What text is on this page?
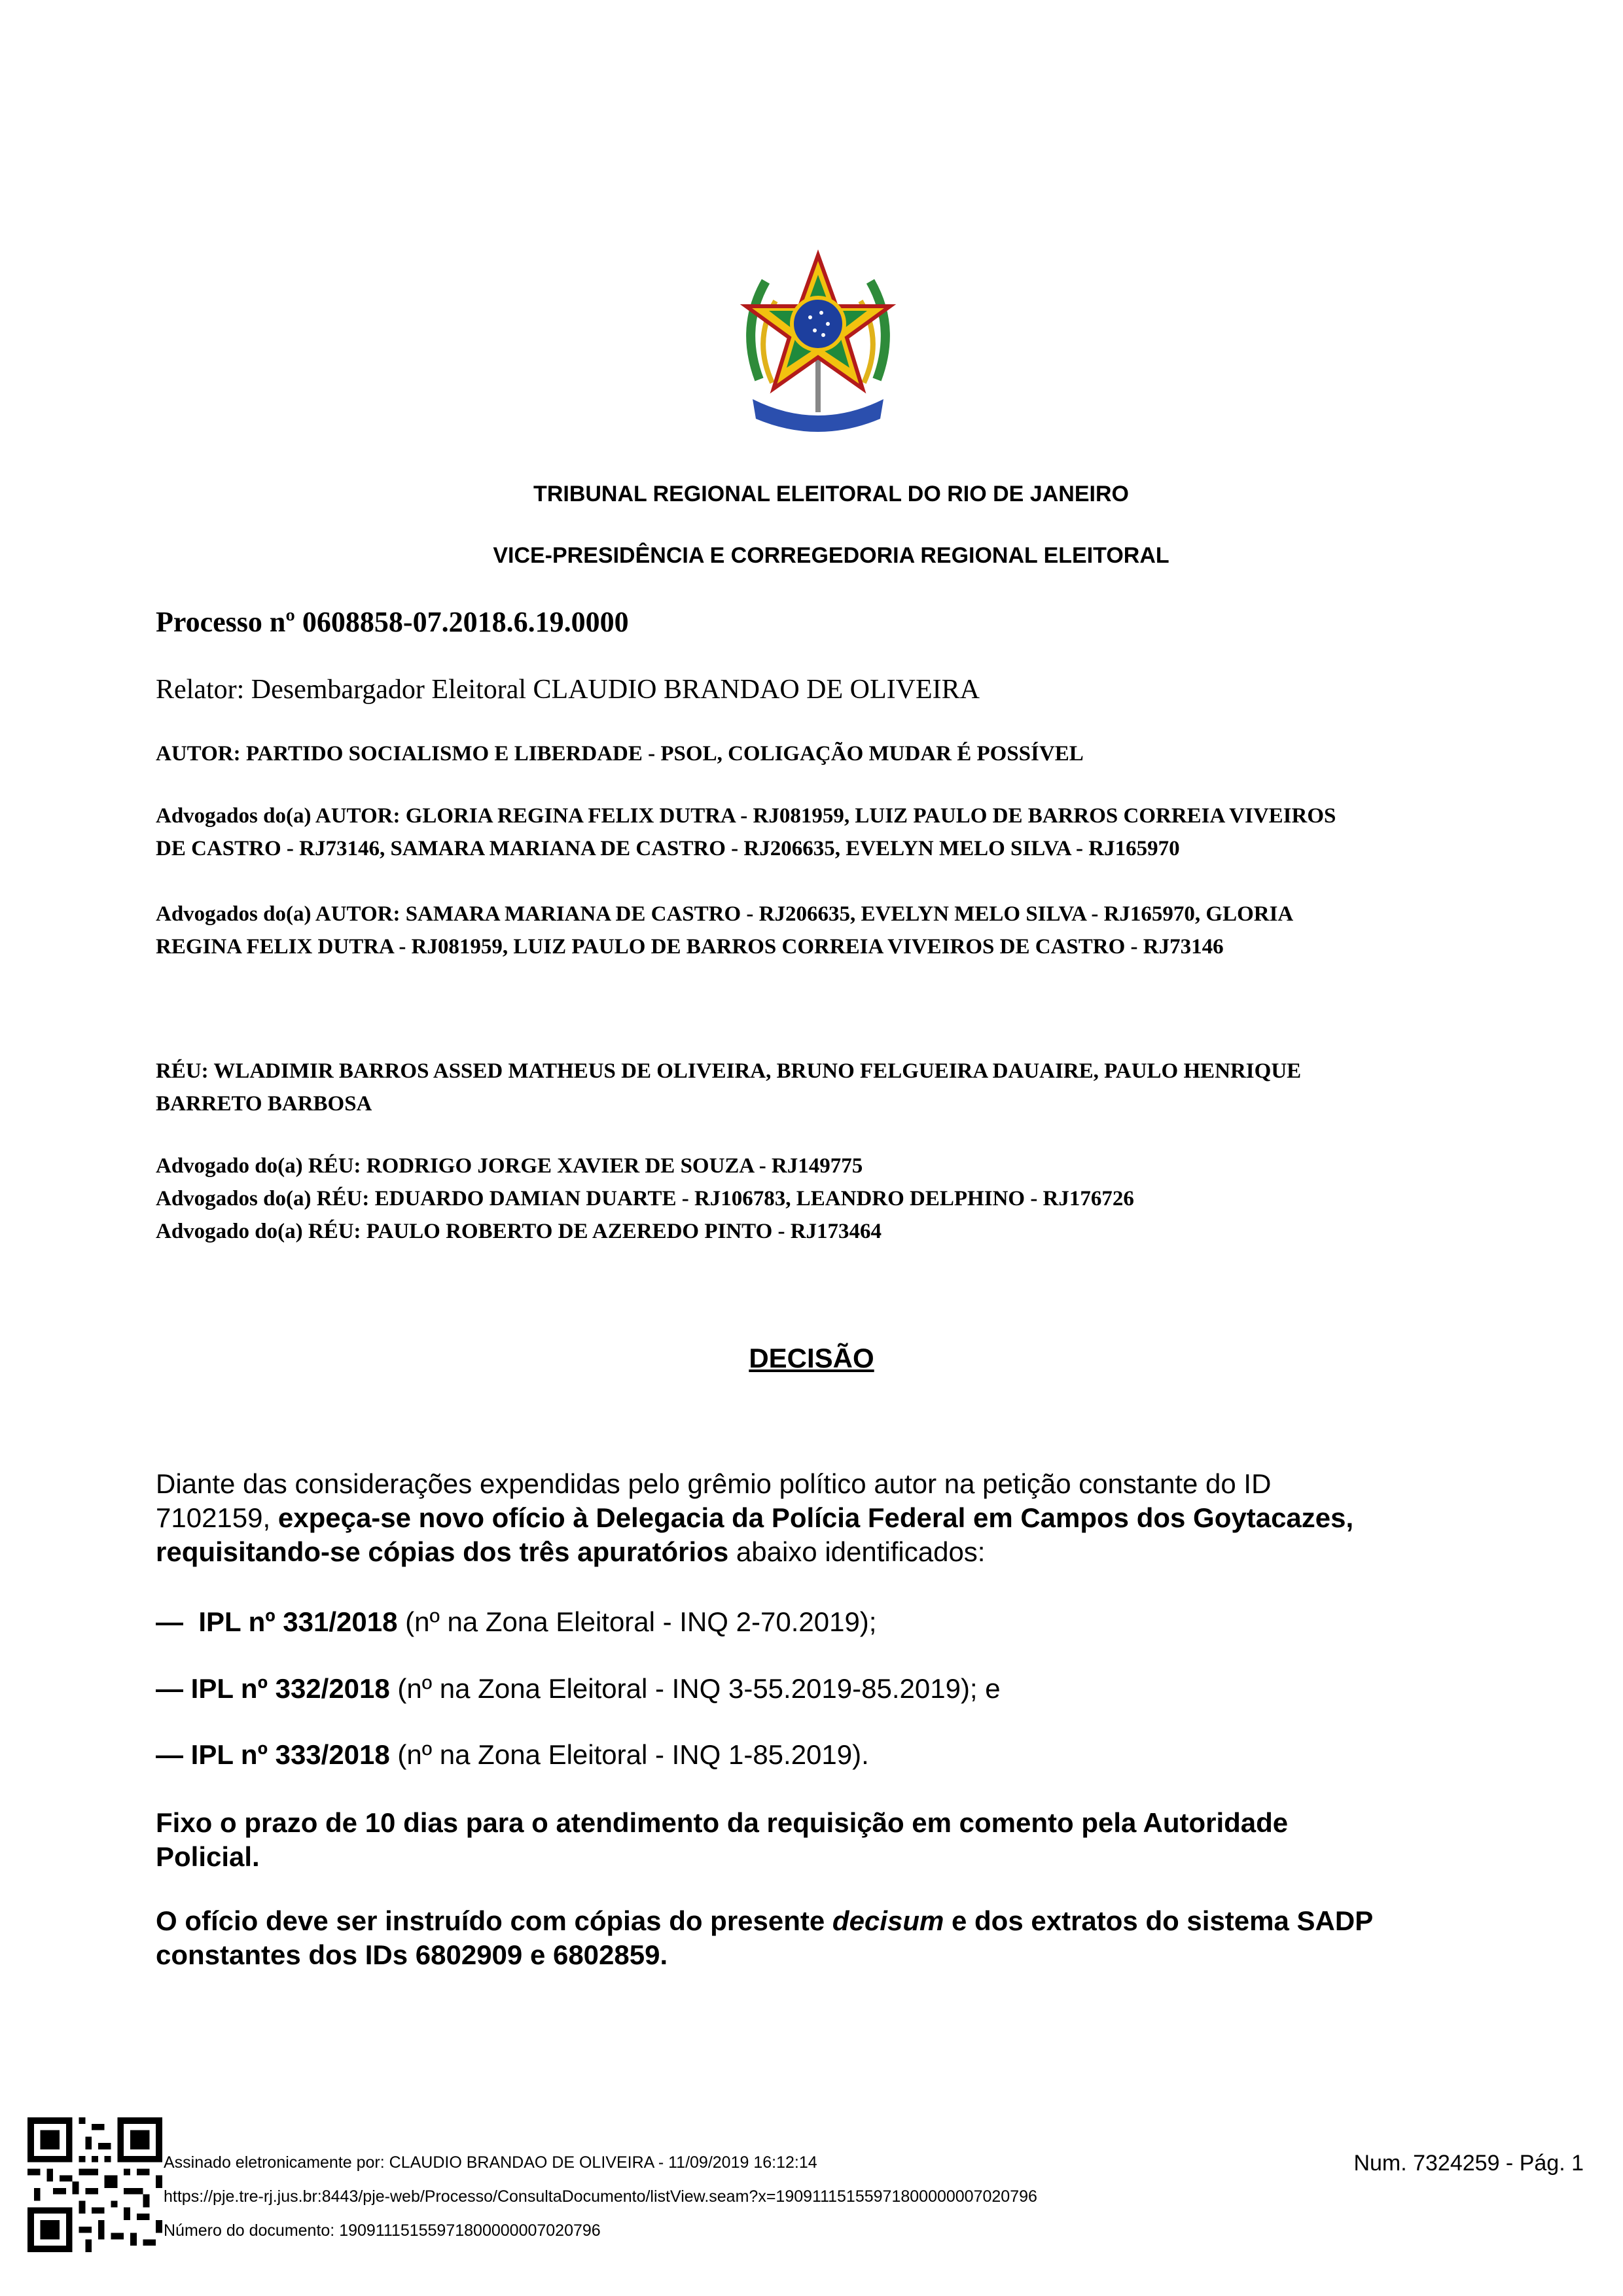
TRIBUNAL REGIONAL ELEITORAL DO RIO DE JANEIRO
VICE-PRESIDÊNCIA E CORREGEDORIA REGIONAL ELEITORAL
Processo nº 0608858-07.2018.6.19.0000
Relator: Desembargador Eleitoral CLAUDIO BRANDAO DE OLIVEIRA
AUTOR: PARTIDO SOCIALISMO E LIBERDADE - PSOL, COLIGAÇÃO MUDAR É POSSÍVEL
Advogados do(a) AUTOR: GLORIA REGINA FELIX DUTRA - RJ081959, LUIZ PAULO DE BARROS CORREIA VIVEIROS DE CASTRO - RJ73146, SAMARA MARIANA DE CASTRO - RJ206635, EVELYN MELO SILVA - RJ165970
Advogados do(a) AUTOR: SAMARA MARIANA DE CASTRO - RJ206635, EVELYN MELO SILVA - RJ165970, GLORIA REGINA FELIX DUTRA - RJ081959, LUIZ PAULO DE BARROS CORREIA VIVEIROS DE CASTRO - RJ73146
RÉU: WLADIMIR BARROS ASSED MATHEUS DE OLIVEIRA, BRUNO FELGUEIRA DAUAIRE, PAULO HENRIQUE BARRETO BARBOSA
Advogado do(a) RÉU: RODRIGO JORGE XAVIER DE SOUZA - RJ149775
Advogados do(a) RÉU: EDUARDO DAMIAN DUARTE - RJ106783, LEANDRO DELPHINO - RJ176726
Advogado do(a) RÉU: PAULO ROBERTO DE AZEREDO PINTO - RJ173464
DECISÃO
Diante das considerações expendidas pelo grêmio político autor na petição constante do ID 7102159, expeça-se novo ofício à Delegacia da Polícia Federal em Campos dos Goytacazes, requisitando-se cópias dos três apuratórios abaixo identificados:
—  IPL nº 331/2018 (nº na Zona Eleitoral - INQ 2-70.2019);
— IPL nº 332/2018 (nº na Zona Eleitoral - INQ 3-55.2019-85.2019); e
— IPL nº 333/2018 (nº na Zona Eleitoral - INQ 1-85.2019).
Fixo o prazo de 10 dias para o atendimento da requisição em comento pela Autoridade Policial.
O ofício deve ser instruído com cópias do presente decisum e dos extratos do sistema SADP constantes dos IDs 6802909 e 6802859.
Assinado eletronicamente por: CLAUDIO BRANDAO DE OLIVEIRA - 11/09/2019 16:12:14
https://pje.tre-rj.jus.br:8443/pje-web/Processo/ConsultaDocumento/listView.seam?x=19091115155971800000007020796
Número do documento: 19091115155971800000007020796
Num. 7324259 - Pág. 1
